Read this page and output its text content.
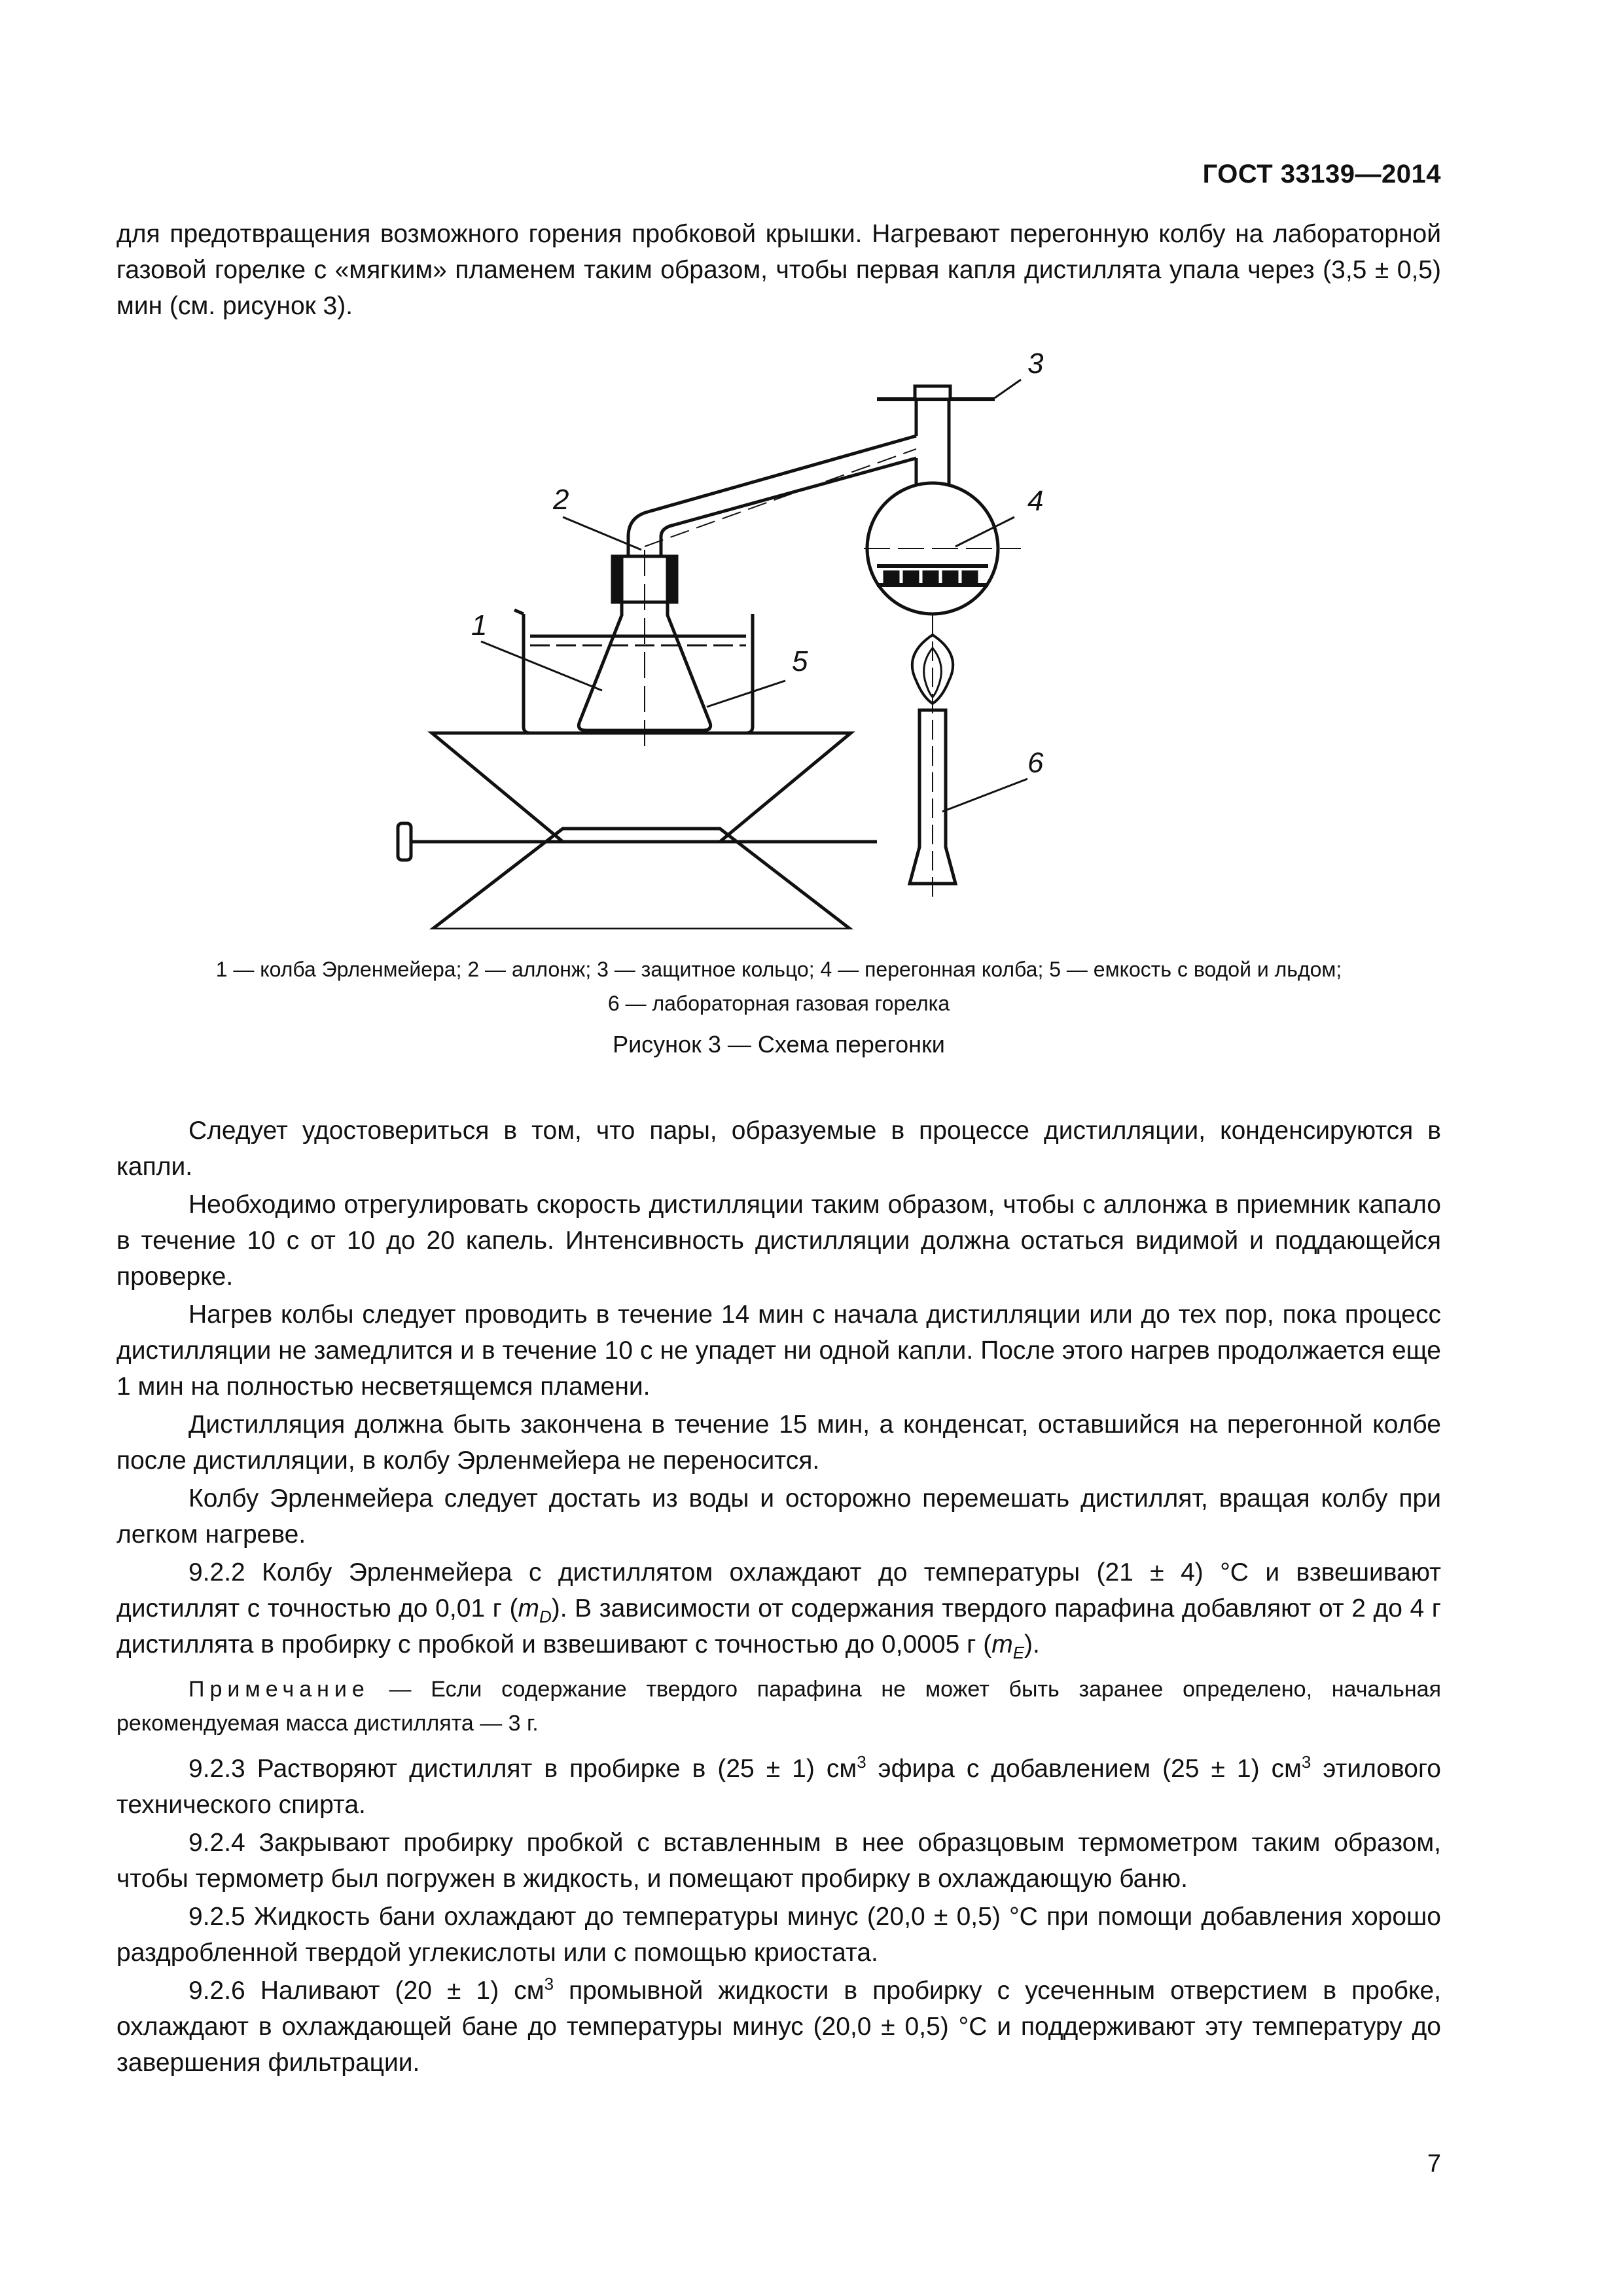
ГОСТ 33139—2014

для предотвращения возможного горения пробковой крышки. Нагревают перегонную колбу на лабораторной газовой горелке с «мягким» пламенем таким образом, чтобы первая капля дистиллята упала через (3,5 ± 0,5) мин (см. рисунок 3).

1
2
3
4
5
6
1 — колба Эрленмейера; 2 — аллонж; 3 — защитное кольцо; 4 — перегонная колба; 5 — емкость с водой и льдом;
6 — лабораторная газовая горелка
Рисунок 3 — Схема перегонки

Следует удостовериться в том, что пары, образуемые в процессе дистилляции, конденсируются в капли.

Необходимо отрегулировать скорость дистилляции таким образом, чтобы с аллонжа в приемник капало в течение 10 с от 10 до 20 капель. Интенсивность дистилляции должна остаться видимой и поддающейся проверке.

Нагрев колбы следует проводить в течение 14 мин с начала дистилляции или до тех пор, пока процесс дистилляции не замедлится и в течение 10 с не упадет ни одной капли. После этого нагрев продолжается еще 1 мин на полностью несветящемся пламени.

Дистилляция должна быть закончена в течение 15 мин, а конденсат, оставшийся на перегонной колбе после дистилляции, в колбу Эрленмейера не переносится.

Колбу Эрленмейера следует достать из воды и осторожно перемешать дистиллят, вращая колбу при легком нагреве.

9.2.2 Колбу Эрленмейера с дистиллятом охлаждают до температуры (21 ± 4) °С и взвешивают дистиллят с точностью до 0,01 г $(m_D)$. В зависимости от содержания твердого парафина добавляют от 2 до 4 г дистиллята в пробирку с пробкой и взвешивают с точностью до 0,0005 г $(m_E)$.

Примечание — Если содержание твердого парафина не может быть заранее определено, начальная рекомендуемая масса дистиллята — 3 г.

9.2.3 Растворяют дистиллят в пробирке в (25 ± 1) $см^3$ эфира с добавлением (25 ± 1) $см^3$ этилового технического спирта.

9.2.4 Закрывают пробирку пробкой с вставленным в нее образцовым термометром таким образом, чтобы термометр был погружен в жидкость, и помещают пробирку в охлаждающую баню.

9.2.5 Жидкость бани охлаждают до температуры минус (20,0 ± 0,5) °С при помощи добавления хорошо раздробленной твердой углекислоты или с помощью криостата.

9.2.6 Наливают (20 ± 1) $см^3$ промывной жидкости в пробирку с усеченным отверстием в пробке, охлаждают в охлаждающей бане до температуры минус (20,0 ± 0,5) °С и поддерживают эту температуру до завершения фильтрации.

7
